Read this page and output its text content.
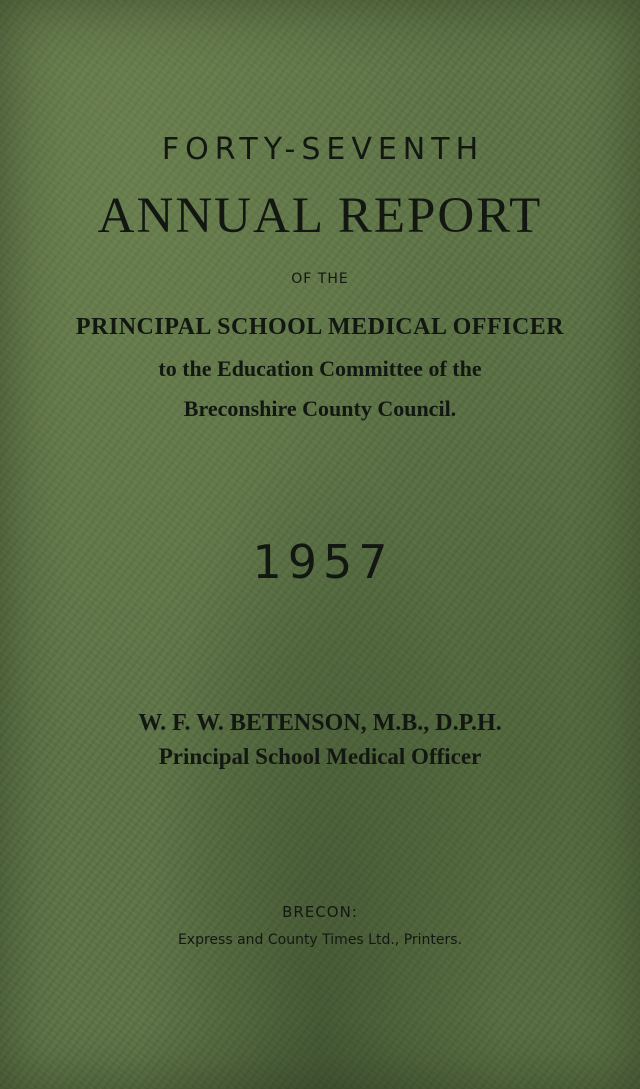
FORTY-SEVENTH
ANNUAL REPORT
OF THE
PRINCIPAL SCHOOL MEDICAL OFFICER
to the Education Committee of the
Breconshire County Council.
1957
W. F. W. BETENSON, M.B., D.P.H.
Principal School Medical Officer
BRECON:
Express and County Times Ltd., Printers.
